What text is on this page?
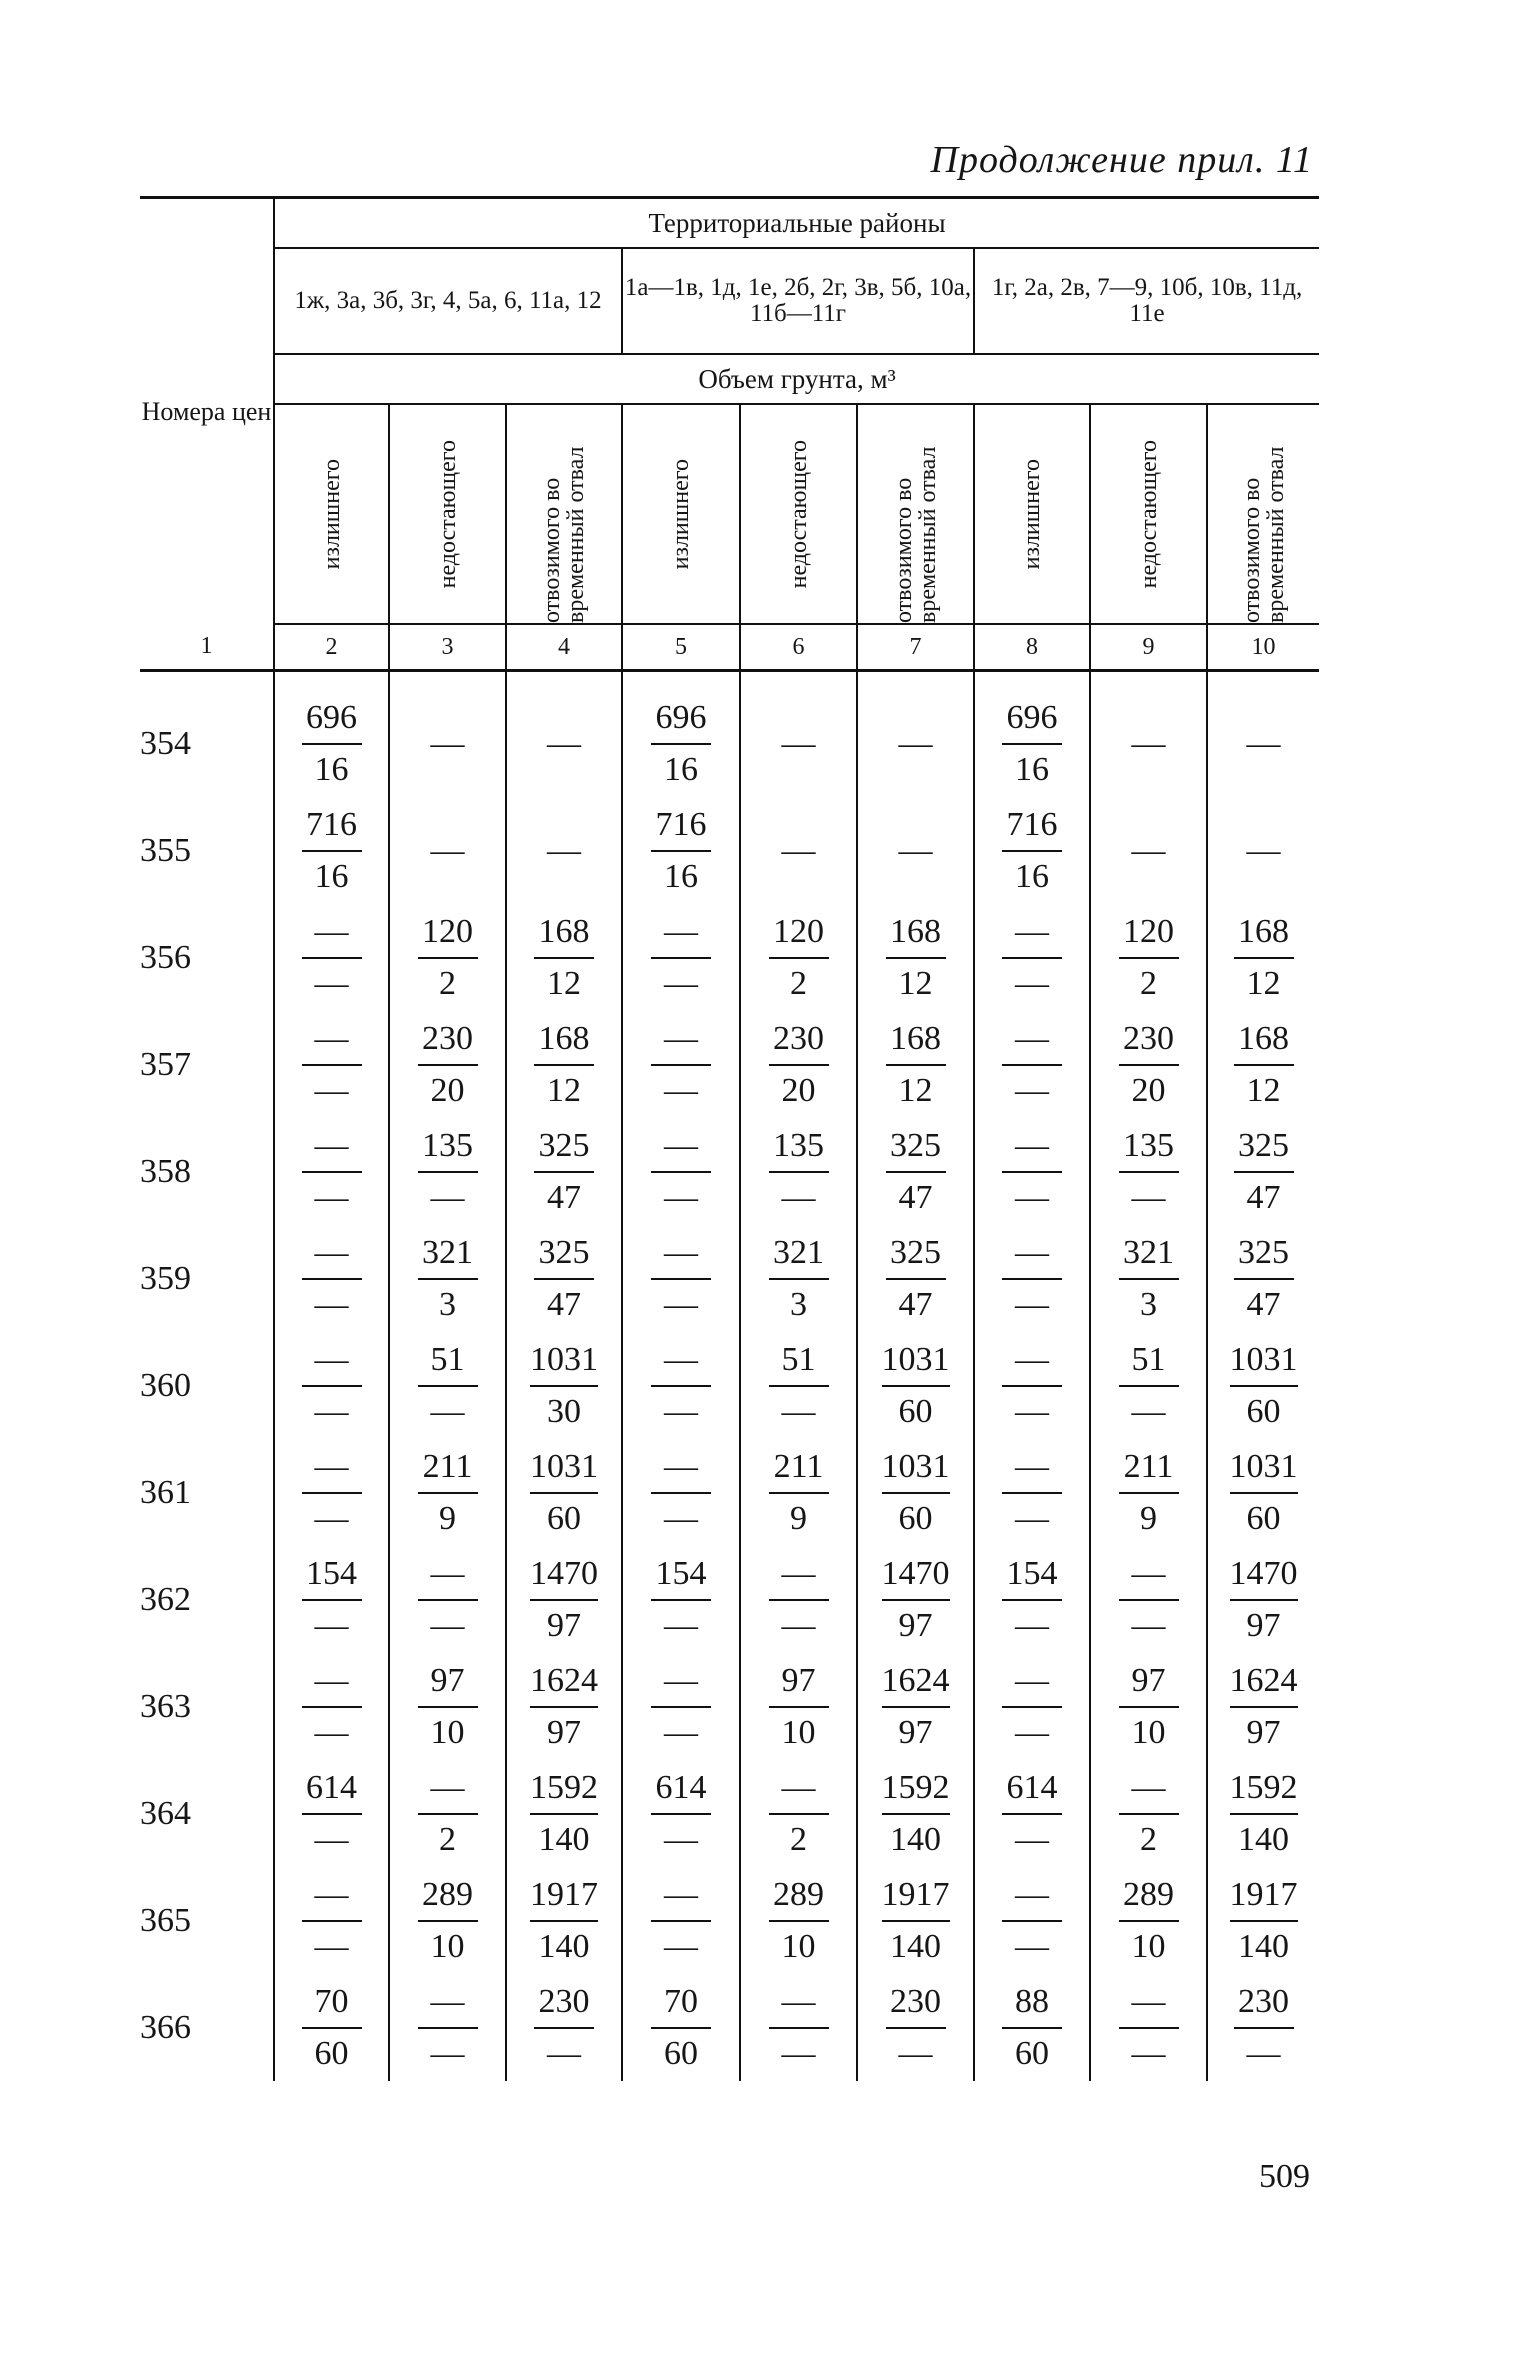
Продолжение прил. 11
Номера цен	Территориальные районы								
	1ж, 3а, 3б, 3г, 4, 5а, 6, 11а, 12			1а—1в, 1д, 1е, 2б, 2г, 3в, 5б, 10а, 11б—11г			1г, 2а, 2в, 7—9, 10б, 10в, 11д, 11е		
	Объем грунта, м³								

	излишнего	недостающего	отвозимого во временный отвал	излишнего	недостающего	отвозимого во временный отвал	излишнего	недостающего	отвозимого во временный отвал

1	2	3	4	5	6	7	8	9	10

354	$\frac{696}{16}$	—	—	$\frac{696}{16}$	—	—	$\frac{696}{16}$	—	—
355	$\frac{716}{16}$	—	—	$\frac{716}{16}$	—	—	$\frac{716}{16}$	—	—
356	$\frac{—}{—}$	$\frac{120}{2}$	$\frac{168}{12}$	$\frac{—}{—}$	$\frac{120}{2}$	$\frac{168}{12}$	$\frac{—}{—}$	$\frac{120}{2}$	$\frac{168}{12}$

357	$\frac{—}{—}$	$\frac{230}{20}$	$\frac{168}{12}$	$\frac{—}{—}$	$\frac{230}{20}$	$\frac{168}{12}$	$\frac{—}{—}$	$\frac{230}{20}$	$\frac{168}{12}$

358	$\frac{—}{—}$	$\frac{135}{—}$	$\frac{325}{47}$	$\frac{—}{—}$	$\frac{135}{—}$	$\frac{325}{47}$	$\frac{—}{—}$	$\frac{135}{—}$	$\frac{325}{47}$

359	$\frac{—}{—}$	$\frac{321}{3}$	$\frac{325}{47}$	$\frac{—}{—}$	$\frac{321}{3}$	$\frac{325}{47}$	$\frac{—}{—}$	$\frac{321}{3}$	$\frac{325}{47}$

360	$\frac{—}{—}$	$\frac{51}{—}$	$\frac{1031}{30}$	$\frac{—}{—}$	$\frac{51}{—}$	$\frac{1031}{60}$	$\frac{—}{—}$	$\frac{51}{—}$	$\frac{1031}{60}$

361	$\frac{—}{—}$	$\frac{211}{9}$	$\frac{1031}{60}$	$\frac{—}{—}$	$\frac{211}{9}$	$\frac{1031}{60}$	$\frac{—}{—}$	$\frac{211}{9}$	$\frac{1031}{60}$

362	$\frac{154}{—}$	$\frac{—}{—}$	$\frac{1470}{97}$	$\frac{154}{—}$	$\frac{—}{—}$	$\frac{1470}{97}$	$\frac{154}{—}$	$\frac{—}{—}$	$\frac{1470}{97}$

363	$\frac{—}{—}$	$\frac{97}{10}$	$\frac{1624}{97}$	$\frac{—}{—}$	$\frac{97}{10}$	$\frac{1624}{97}$	$\frac{—}{—}$	$\frac{97}{10}$	$\frac{1624}{97}$

364	$\frac{614}{—}$	$\frac{—}{2}$	$\frac{1592}{140}$	$\frac{614}{—}$	$\frac{—}{2}$	$\frac{1592}{140}$	$\frac{614}{—}$	$\frac{—}{2}$	$\frac{1592}{140}$

365	$\frac{—}{—}$	$\frac{289}{10}$	$\frac{1917}{140}$	$\frac{—}{—}$	$\frac{289}{10}$	$\frac{1917}{140}$	$\frac{—}{—}$	$\frac{289}{10}$	$\frac{1917}{140}$

366	$\frac{70}{60}$	$\frac{—}{—}$	$\frac{230}{—}$	$\frac{70}{60}$	$\frac{—}{—}$	$\frac{230}{—}$	$\frac{88}{60}$	$\frac{—}{—}$	$\frac{230}{—}$
509
